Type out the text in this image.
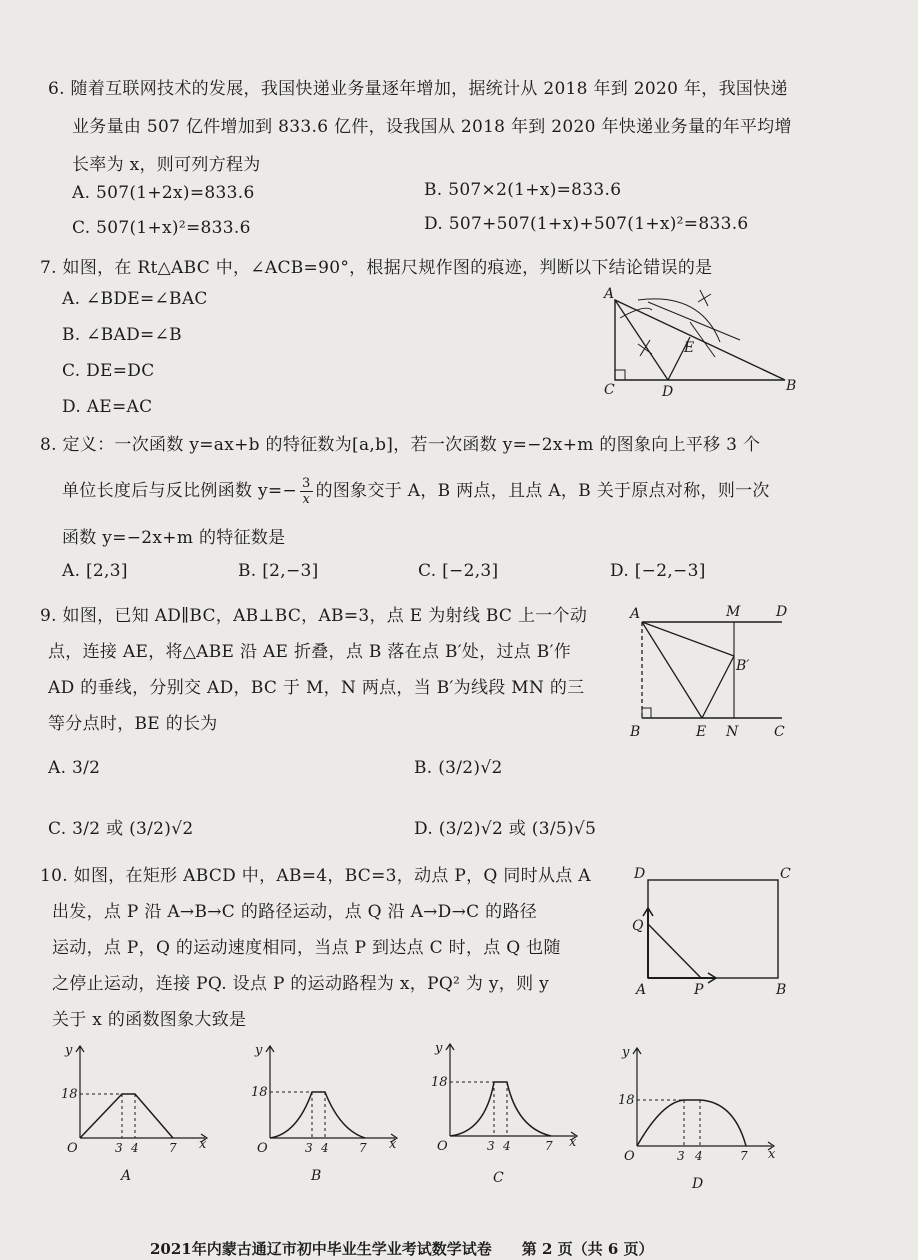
6. 随着互联网技术的发展，我国快递业务量逐年增加，据统计从 2018 年到 2020 年，我国快递
业务量由 507 亿件增加到 833.6 亿件，设我国从 2018 年到 2020 年快递业务量的年平均增
长率为 x，则可列方程为
A. 507(1+2x)=833.6	B. 507×2(1+x)=833.6
C. 507(1+x)²=833.6	D. 507+507(1+x)+507(1+x)²=833.6
7. 如图，在 Rt△ABC 中，∠ACB=90°，根据尺规作图的痕迹，判断以下结论错误的是
A. ∠BDE=∠BAC
B. ∠BAD=∠B
C. DE=DC
D. AE=AC
A
C	D
E
B
8. 定义：一次函数 y=ax+b 的特征数为[a,b]，若一次函数 y=−2x+m 的图象向上平移 3 个
单位长度后与反比例函数 $y=- \frac{3}{x}$ 的图象交于 A，B 两点，且点 A，B 关于原点对称，则一次
函数 y=−2x+m 的特征数是
A. [2,3]	B. [2,−3]	C. [−2,3]	D. [−2,−3]
9. 如图，已知 AD∥BC，AB⊥BC，AB=3，点 E 为射线 BC 上一个动
点，连接 AE，将△ABE 沿 AE 折叠，点 B 落在点 B′处，过点 B′作
AD 的垂线，分别交 AD，BC 于 M，N 两点，当 B′为线段 MN 的三
等分点时，BE 的长为
A. 3/2	B. (3/2)√2
C. 3/2 或 (3/2)√2	D. (3/2)√2 或 (3/5)√5
A	M	D
B′
B	E N	C
10. 如图，在矩形 ABCD 中，AB=4，BC=3，动点 P，Q 同时从点 A
出发，点 P 沿 A→B→C 的路径运动，点 Q 沿 A→D→C 的路径
运动，点 P，Q 的运动速度相同，当点 P 到达点 C 时，点 Q 也随
之停止运动，连接 PQ. 设点 P 的运动路程为 x，PQ² 为 y，则 y
关于 x 的函数图象大致是
D	C
Q
A	P	B
y
18
O	3 4	7 x
A
y
18
O	3 4	7 x
B
y
18
O	3 4	7 x
C
y
18
O	3 4	7 x
D
2021年内蒙古通辽市初中毕业生学业考试数学试卷　　第 2 页（共 6 页）
